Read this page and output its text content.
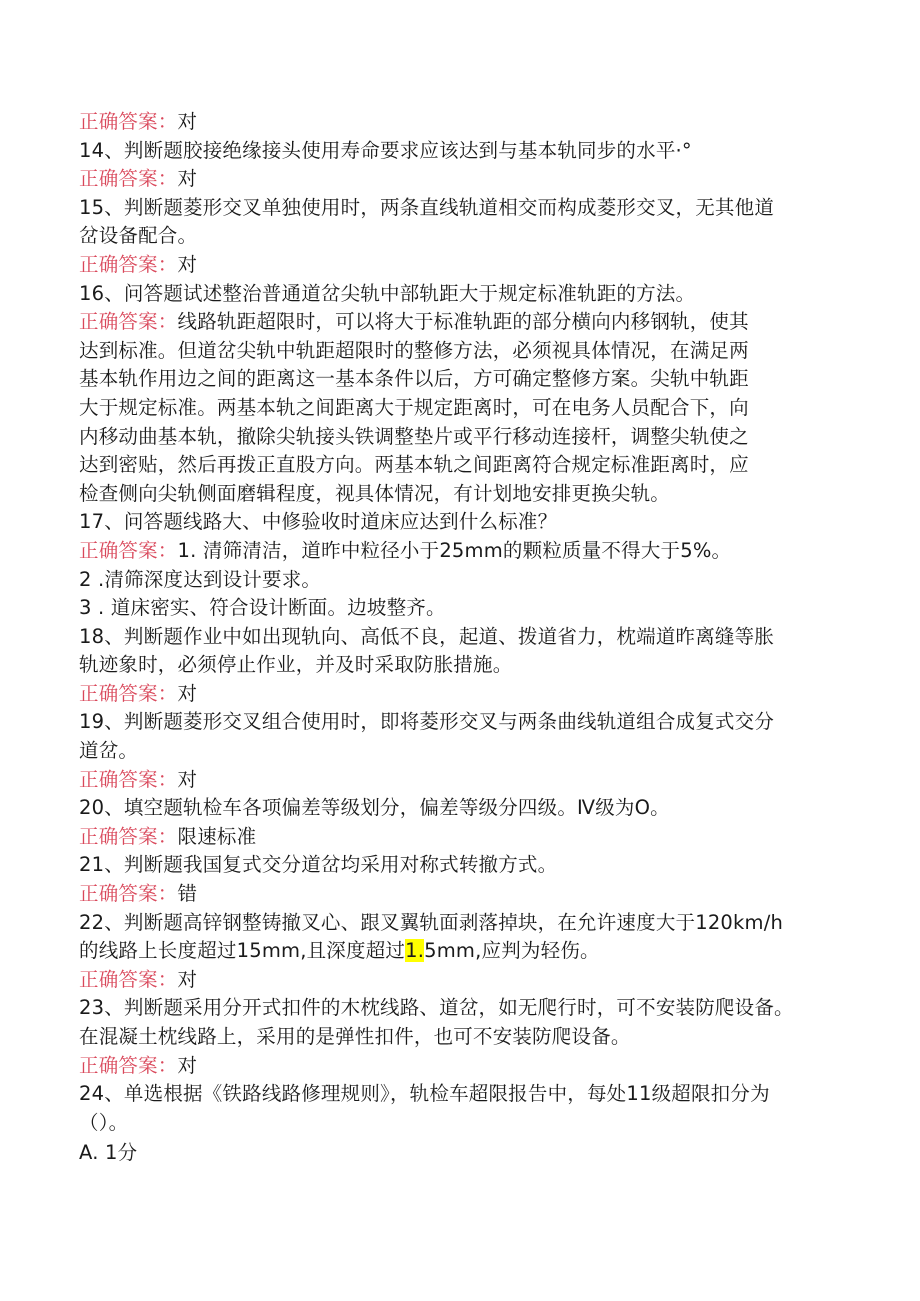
正确答案：对
14、判断题胶接绝缘接头使用寿命要求应该达到与基本轨同步的水平·°
正确答案：对
15、判断题菱形交叉单独使用时，两条直线轨道相交而构成菱形交叉，无其他道
岔设备配合。
正确答案：对
16、问答题试述整治普通道岔尖轨中部轨距大于规定标准轨距的方法。
正确答案：线路轨距超限时，可以将大于标准轨距的部分横向内移钢轨，使其
达到标准。但道岔尖轨中轨距超限时的整修方法，必须视具体情况，在满足两
基本轨作用边之间的距离这一基本条件以后，方可确定整修方案。尖轨中轨距
大于规定标准。两基本轨之间距离大于规定距离时，可在电务人员配合下，向
内移动曲基本轨，撤除尖轨接头铁调整垫片或平行移动连接杆，调整尖轨使之
达到密贴，然后再拨正直股方向。两基本轨之间距离符合规定标准距离时，应
检查侧向尖轨侧面磨辑程度，视具体情况，有计划地安排更换尖轨。
17、问答题线路大、中修验收时道床应达到什么标准？
正确答案：1. 清筛清洁，道昨中粒径小于25mm的颗粒质量不得大于5%。
2 .清筛深度达到设计要求。
3 . 道床密实、符合设计断面。边坡整齐。
18、判断题作业中如出现轨向、高低不良，起道、拨道省力，枕端道昨离缝等胀
轨迹象时，必须停止作业，并及时采取防胀措施。
正确答案：对
19、判断题菱形交叉组合使用时，即将菱形交叉与两条曲线轨道组合成复式交分
道岔。
正确答案：对
20、填空题轨检车各项偏差等级划分，偏差等级分四级。Ⅳ级为O。
正确答案：限速标准
21、判断题我国复式交分道岔均采用对称式转撤方式。
正确答案：错
22、判断题高锌钢整铸撤叉心、跟叉翼轨面剥落掉块，在允许速度大于120km∕h
的线路上长度超过15mm,且深度超过1.5mm,应判为轻伤。
正确答案：对
23、判断题采用分开式扣件的木枕线路、道岔，如无爬行时，可不安装防爬设备。
在混凝土枕线路上，采用的是弹性扣件，也可不安装防爬设备。
正确答案：对
24、单选根据《铁路线路修理规则》，轨检车超限报告中，每处11级超限扣分为
（）。
A. 1分
